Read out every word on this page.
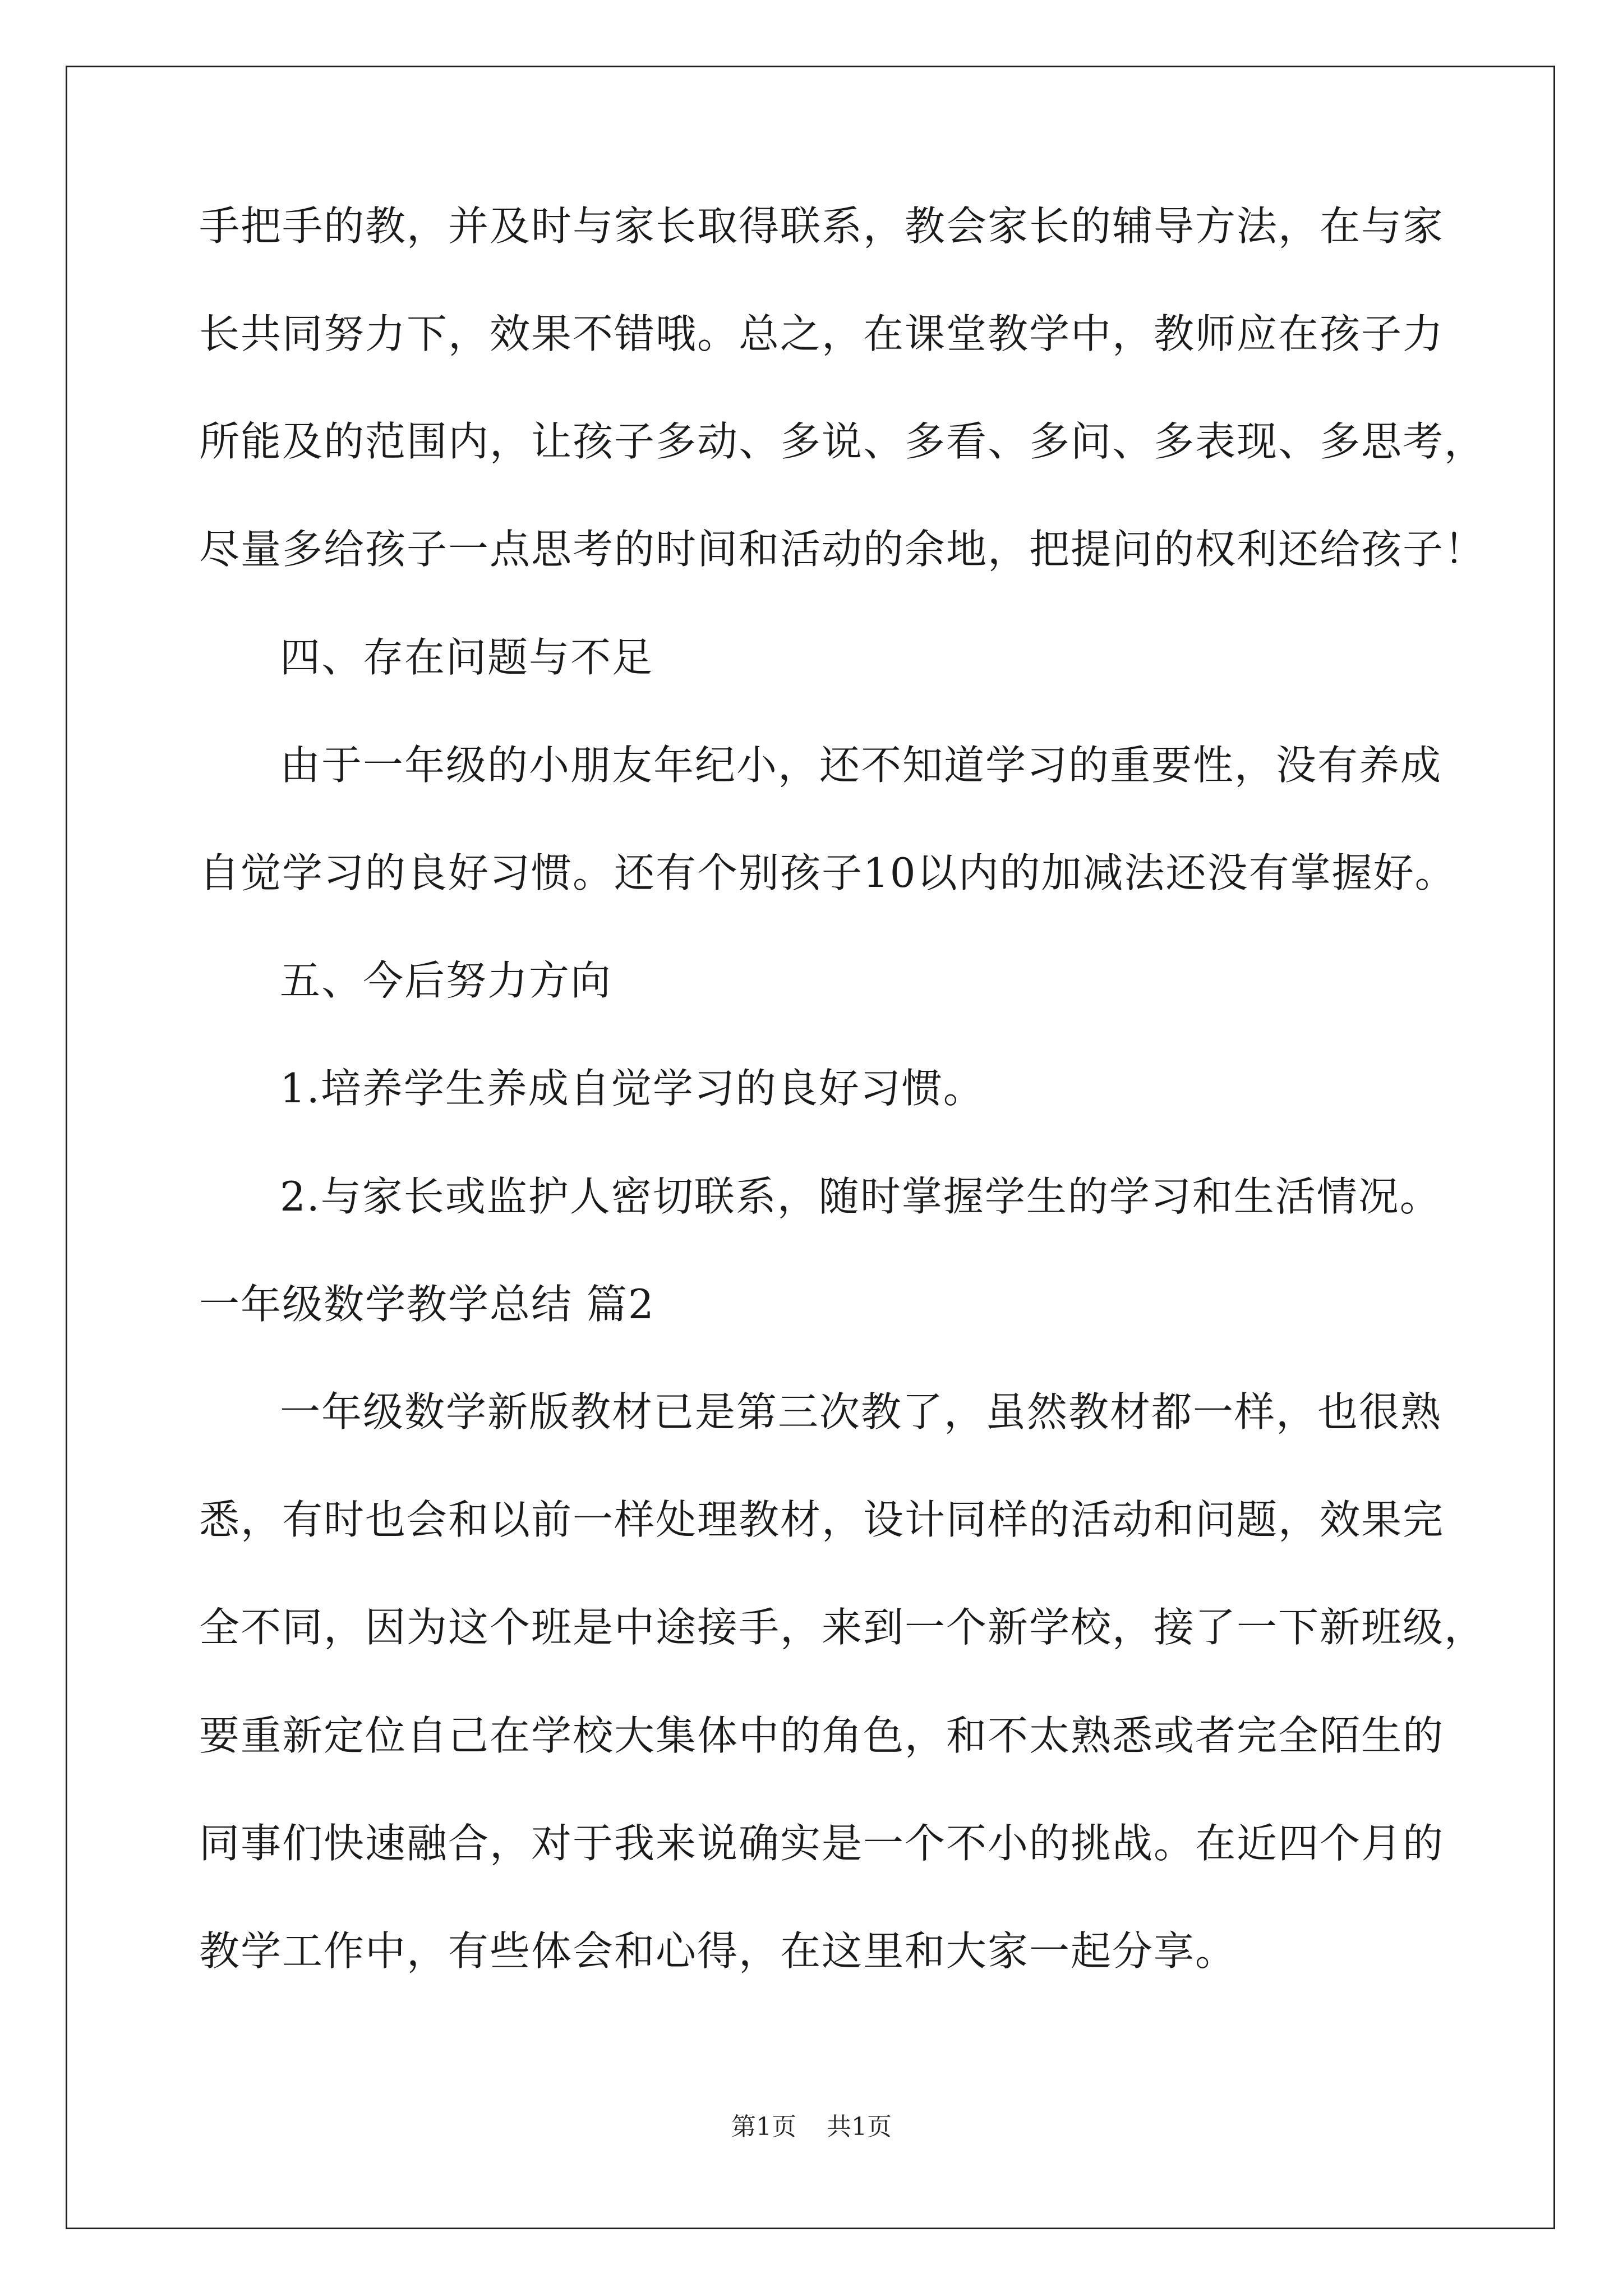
手把手的教，并及时与家长取得联系，教会家长的辅导方法，在与家
长共同努力下，效果不错哦。总之，在课堂教学中，教师应在孩子力
所能及的范围内，让孩子多动、多说、多看、多问、多表现、多思考，
尽量多给孩子一点思考的时间和活动的余地，把提问的权利还给孩子！
四、存在问题与不足
由于一年级的小朋友年纪小，还不知道学习的重要性，没有养成
自觉学习的良好习惯。还有个别孩子10以内的加减法还没有掌握好。
五、今后努力方向
1.培养学生养成自觉学习的良好习惯。
2.与家长或监护人密切联系，随时掌握学生的学习和生活情况。
一年级数学教学总结 篇2
一年级数学新版教材已是第三次教了，虽然教材都一样，也很熟
悉，有时也会和以前一样处理教材，设计同样的活动和问题，效果完
全不同，因为这个班是中途接手，来到一个新学校，接了一下新班级，
要重新定位自己在学校大集体中的角色，和不太熟悉或者完全陌生的
同事们快速融合，对于我来说确实是一个不小的挑战。在近四个月的
教学工作中，有些体会和心得，在这里和大家一起分享。
第1页 共1页
